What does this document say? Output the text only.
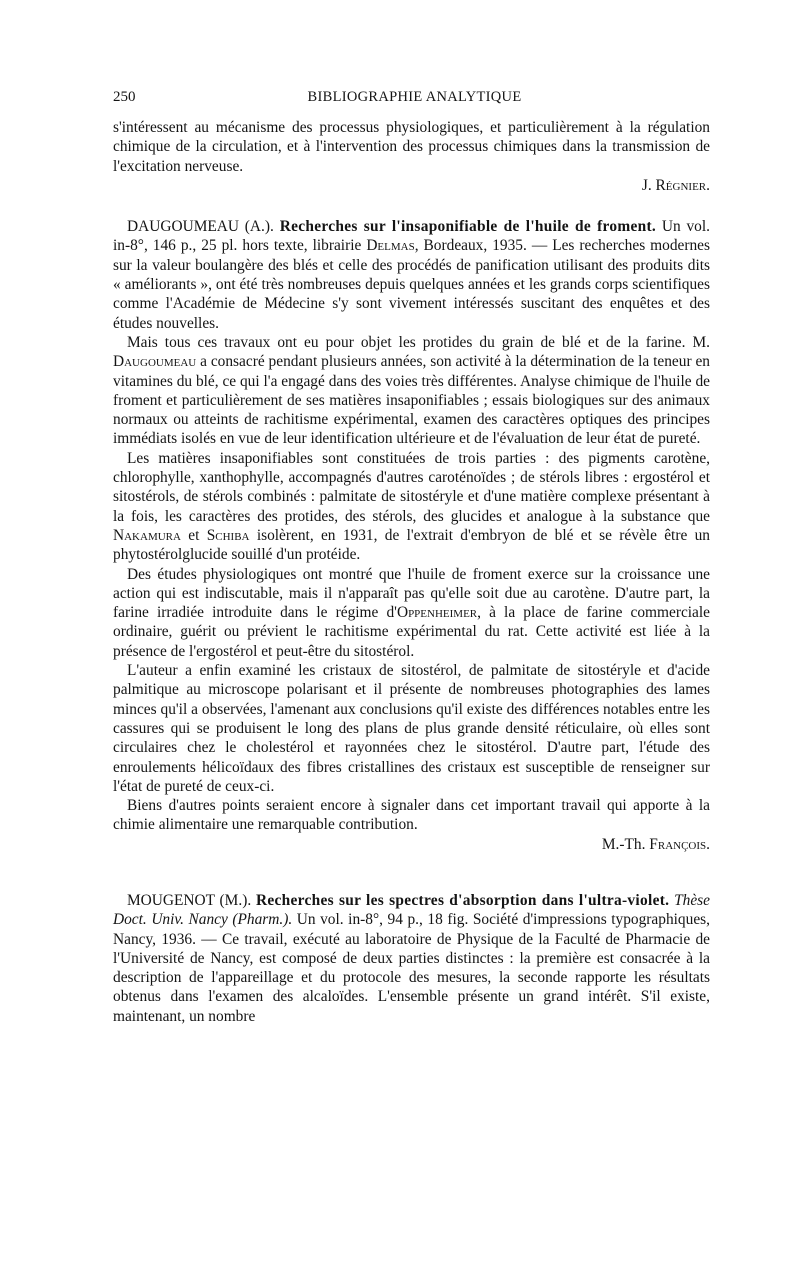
250	BIBLIOGRAPHIE ANALYTIQUE

s'intéressent au mécanisme des processus physiologiques, et particulièrement à la régulation chimique de la circulation, et à l'intervention des processus chimiques dans la transmission de l'excitation nerveuse.

J. Régnier.

DAUGOUMEAU (A.). Recherches sur l'insaponifiable de l'huile de froment. Un vol. in-8°, 146 p., 25 pl. hors texte, librairie Delmas, Bordeaux, 1935. — Les recherches modernes sur la valeur boulangère des blés et celle des procédés de panification utilisant des produits dits « améliorants », ont été très nombreuses depuis quelques années et les grands corps scientifiques comme l'Académie de Médecine s'y sont vivement intéressés suscitant des enquêtes et des études nouvelles.

Mais tous ces travaux ont eu pour objet les protides du grain de blé et de la farine. M. Daugoumeau a consacré pendant plusieurs années, son activité à la détermination de la teneur en vitamines du blé, ce qui l'a engagé dans des voies très différentes. Analyse chimique de l'huile de froment et particulièrement de ses matières insaponifiables ; essais biologiques sur des animaux normaux ou atteints de rachitisme expérimental, examen des caractères optiques des principes immédiats isolés en vue de leur identification ultérieure et de l'évaluation de leur état de pureté.

Les matières insaponifiables sont constituées de trois parties : des pigments carotène, chlorophylle, xanthophylle, accompagnés d'autres caroténoïdes ; de stérols libres : ergostérol et sitostérols, de stérols combinés : palmitate de sitostéryle et d'une matière complexe présentant à la fois, les caractères des protides, des stérols, des glucides et analogue à la substance que Nakamura et Schiba isolèrent, en 1931, de l'extrait d'embryon de blé et se révèle être un phytostérolglucide souillé d'un protéide.

Des études physiologiques ont montré que l'huile de froment exerce sur la croissance une action qui est indiscutable, mais il n'apparaît pas qu'elle soit due au carotène. D'autre part, la farine irradiée introduite dans le régime d'Oppenheimer, à la place de farine commerciale ordinaire, guérit ou prévient le rachitisme expérimental du rat. Cette activité est liée à la présence de l'ergostérol et peut-être du sitostérol.

L'auteur a enfin examiné les cristaux de sitostérol, de palmitate de sitostéryle et d'acide palmitique au microscope polarisant et il présente de nombreuses photographies des lames minces qu'il a observées, l'amenant aux conclusions qu'il existe des différences notables entre les cassures qui se produisent le long des plans de plus grande densité réticulaire, où elles sont circulaires chez le cholestérol et rayonnées chez le sitostérol. D'autre part, l'étude des enroulements hélicoïdaux des fibres cristallines des cristaux est susceptible de renseigner sur l'état de pureté de ceux-ci.

Biens d'autres points seraient encore à signaler dans cet important travail qui apporte à la chimie alimentaire une remarquable contribution.

M.-Th. François.

MOUGENOT (M.). Recherches sur les spectres d'absorption dans l'ultra-violet. Thèse Doct. Univ. Nancy (Pharm.). Un vol. in-8°, 94 p., 18 fig. Société d'impressions typographiques, Nancy, 1936. — Ce travail, exécuté au laboratoire de Physique de la Faculté de Pharmacie de l'Université de Nancy, est composé de deux parties distinctes : la première est consacrée à la description de l'appareillage et du protocole des mesures, la seconde rapporte les résultats obtenus dans l'examen des alcaloïdes. L'ensemble présente un grand intérêt. S'il existe, maintenant, un nombre
